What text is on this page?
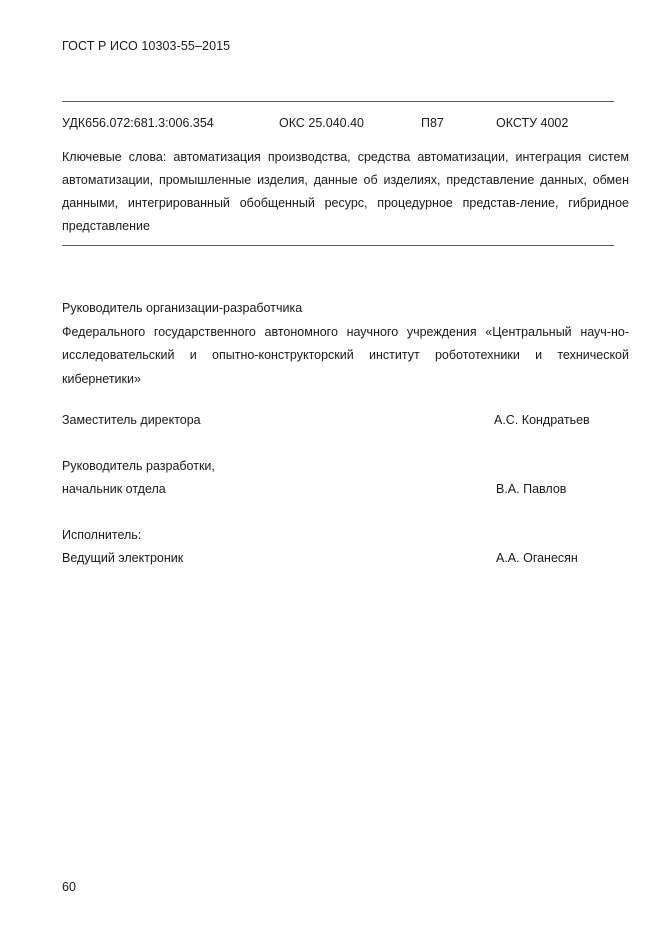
ГОСТ Р ИСО 10303-55–2015
УДК656.072:681.3:006.354	ОКС 25.040.40	П87	ОКСТУ 4002
Ключевые слова: автоматизация производства, средства автоматизации, интеграция систем автоматизации, промышленные изделия, данные об изделиях, представление данных, обмен данными, интегрированный обобщенный ресурс, процедурное представ-ление, гибридное представление

Руководитель организации-разработчика

Федерального государственного автономного научного учреждения «Центральный науч-но-исследовательский и опытно-конструкторский институт робототехники и технической кибернетики»

Заместитель директора	А.С. Кондратьев
Руководитель разработки,
начальник отдела	В.А. Павлов
Исполнитель:
Ведущий электроник	А.А. Оганесян
60
